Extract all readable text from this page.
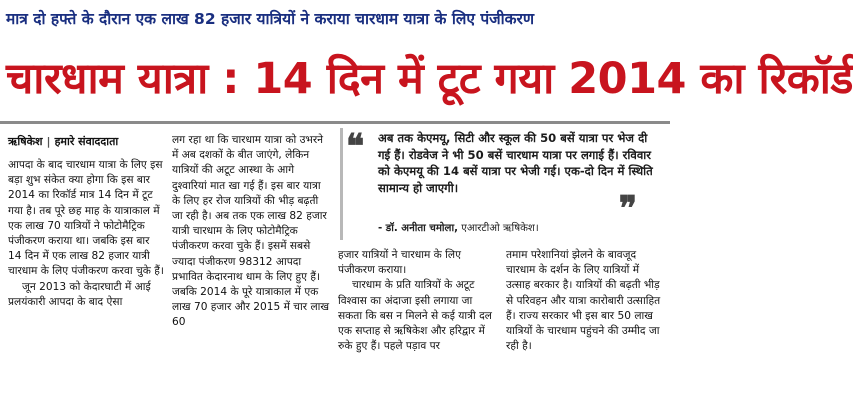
मात्र दो हफ्ते के दौरान एक लाख 82 हजार यात्रियों ने कराया चारधाम यात्रा के लिए पंजीकरण
चारधाम यात्रा : 14 दिन में टूट गया 2014 का रिकॉर्ड
ऋषिकेश | हमारे संवाददाता

आपदा के बाद चारधाम यात्रा के लिए इस बड़ा शुभ संकेत क्या होगा कि इस बार 2014 का रिकॉर्ड मात्र 14 दिन में टूट गया है। तब पूरे छह माह के यात्राकाल में एक लाख 70 यात्रियों ने फोटोमैट्रिक पंजीकरण कराया था। जबकि इस बार 14 दिन में एक लाख 82 हजार यात्री चारधाम के लिए पंजीकरण करवा चुके हैं।

जून 2013 को केदारघाटी में आई प्रलयंकारी आपदा के बाद ऐसा

लग रहा था कि चारधाम यात्रा को उभरने में अब दशकों के बीत जाएंगे, लेकिन यात्रियों की अटूट आस्था के आगे दुश्वारियां मात खा गई हैं। इस बार यात्रा के लिए हर रोज यात्रियों की भीड़ बढ़ती जा रही है। अब तक एक लाख 82 हजार यात्री चारधाम के लिए फोटोमैट्रिक पंजीकरण करवा चुके हैं। इसमें सबसे ज्यादा पंजीकरण 98312 आपदा प्रभावित केदारनाथ धाम के लिए हुए हैं। जबकि 2014 के पूरे यात्राकाल में एक लाख 70 हजार और 2015 में चार लाख 60

❝ अब तक केएमयू, सिटी और स्कूल की 50 बसें यात्रा पर भेज दी गई हैं। रोडवेज ने भी 50 बसें चारधाम यात्रा पर लगाई हैं। रविवार को केएमयू की 14 बसें यात्रा पर भेजी गई। एक-दो दिन में स्थिति सामान्य हो जाएगी।
❞
- डॉ. अनीता चमोला, एआरटीओ ऋषिकेश।

हजार यात्रियों ने चारधाम के लिए पंजीकरण कराया।

चारधाम के प्रति यात्रियों के अटूट विश्वास का अंदाजा इसी लगाया जा सकता कि बस न मिलने से कई यात्री दल एक सप्ताह से ऋषिकेश और हरिद्वार में रुके हुए हैं। पहले पड़ाव पर

तमाम परेशानियां झेलने के बावजूद चारधाम के दर्शन के लिए यात्रियों में उत्साह बरकार है। यात्रियों की बढ़ती भीड़ से परिवहन और यात्रा कारोबारी उत्साहित हैं। राज्य सरकार भी इस बार 50 लाख यात्रियों के चारधाम पहुंचने की उम्मीद जा रही है।
